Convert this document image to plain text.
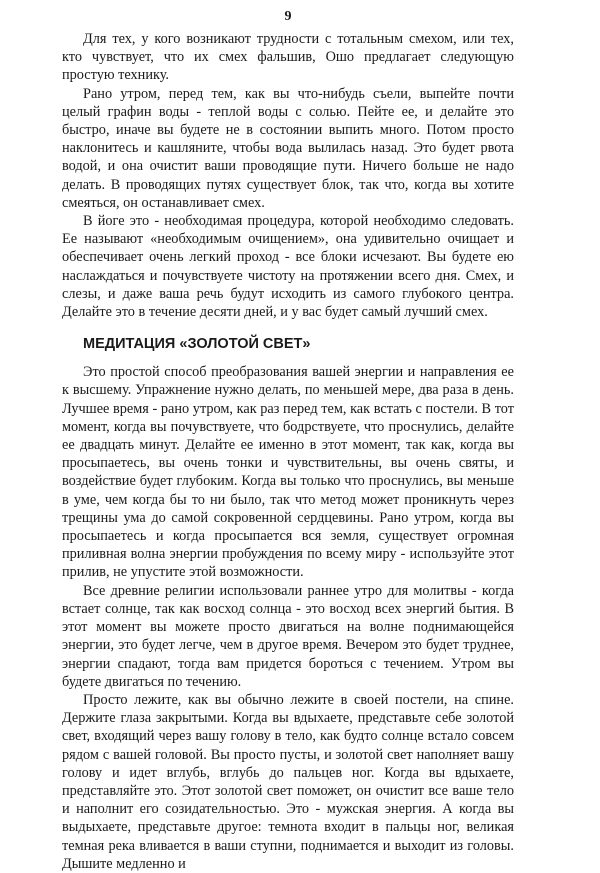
9

Для тех, у кого возникают трудности с тотальным смехом, или тех, кто чувствует, что их смех фальшив, Ошо предлагает следующую простую технику.

Рано утром, перед тем, как вы что-нибудь съели, выпейте почти целый графин воды - теплой воды с солью. Пейте ее, и делайте это быстро, иначе вы будете не в состоянии выпить много. Потом просто наклонитесь и кашляните, чтобы вода вылилась назад. Это будет рвота водой, и она очистит ваши проводящие пути. Ничего больше не надо делать. В проводящих путях существует блок, так что, когда вы хотите смеяться, он останавливает смех.

В йоге это - необходимая процедура, которой необходимо следовать. Ее называют «необходимым очищением», она удивительно очищает и обеспечивает очень легкий проход - все блоки исчезают. Вы будете ею наслаждаться и почувствуете чистоту на протяжении всего дня. Смех, и слезы, и даже ваша речь будут исходить из самого глубокого центра. Делайте это в течение десяти дней, и у вас будет самый лучший смех.

МЕДИТАЦИЯ «ЗОЛОТОЙ СВЕТ»

Это простой способ преобразования вашей энергии и направления ее к высшему. Упражнение нужно делать, по меньшей мере, два раза в день. Лучшее время - рано утром, как раз перед тем, как встать с постели. В тот момент, когда вы почувствуете, что бодрствуете, что проснулись, делайте ее двадцать минут. Делайте ее именно в этот момент, так как, когда вы просыпаетесь, вы очень тонки и чувствительны, вы очень святы, и воздействие будет глубоким. Когда вы только что проснулись, вы меньше в уме, чем когда бы то ни было, так что метод может проникнуть через трещины ума до самой сокровенной сердцевины. Рано утром, когда вы просыпаетесь и когда просыпается вся земля, существует огромная приливная волна энергии пробуждения по всему миру - используйте этот прилив, не упустите этой возможности.

Все древние религии использовали раннее утро для молитвы - когда встает солнце, так как восход солнца - это восход всех энергий бытия. В этот момент вы можете просто двигаться на волне поднимающейся энергии, это будет легче, чем в другое время. Вечером это будет труднее, энергии спадают, тогда вам придется бороться с течением. Утром вы будете двигаться по течению.

Просто лежите, как вы обычно лежите в своей постели, на спине. Держите глаза закрытыми. Когда вы вдыхаете, представьте себе золотой свет, входящий через вашу голову в тело, как будто солнце встало совсем рядом с вашей головой. Вы просто пусты, и золотой свет наполняет вашу голову и идет вглубь, вглубь до пальцев ног. Когда вы вдыхаете, представляйте это. Этот золотой свет поможет, он очистит все ваше тело и наполнит его созидательностью. Это - мужская энергия. А когда вы выдыхаете, представьте другое: темнота входит в пальцы ног, великая темная река вливается в ваши ступни, поднимается и выходит из головы. Дышите медленно и
